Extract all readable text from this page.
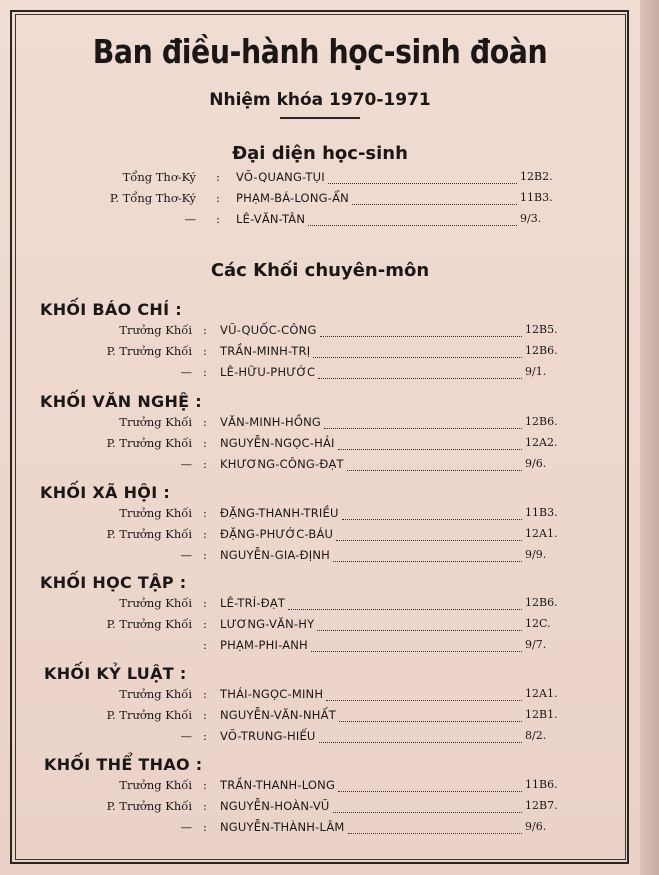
Ban điều-hành học-sinh đoàn
Nhiệm khóa 1970-1971
Đại diện học-sinh
Các Khối chuyên-môn
Tổng Thơ-Ký : VÕ-QUANG-TỤI	12B2.
P. Tổng Thơ-Ký : PHẠM-BÁ-LONG-ẨN	11B3.
— : LÊ-VĂN-TÂN	9/3.
KHỐI BÁO CHÍ :
Trưởng Khối : VŨ-QUỐC-CÔNG	12B5.
P. Trưởng Khối : TRẦN-MINH-TRỊ	12B6.
— : LÊ-HỮU-PHƯỚC	9/1.
KHỐI VĂN NGHỆ :
Trưởng Khối : VĂN-MINH-HỒNG	12B6.
P. Trưởng Khối : NGUYỄN-NGỌC-HẢI	12A2.
— : KHƯƠNG-CÔNG-ĐẠT	9/6.
KHỐI XÃ HỘI :
Trưởng Khối : ĐẶNG-THANH-TRIỀU	11B3.
P. Trưởng Khối : ĐẶNG-PHƯỚC-BÁU	12A1.
— : NGUYỄN-GIA-ĐỊNH	9/9.
KHỐI HỌC TẬP :
Trưởng Khối : LÊ-TRÍ-ĐẠT	12B6.
P. Trưởng Khối : LƯƠNG-VĂN-HY	12C.
: PHẠM-PHI-ANH	9/7.
KHỐI KỶ LUẬT :
Trưởng Khối : THÁI-NGỌC-MINH	12A1.
P. Trưởng Khối : NGUYỄN-VĂN-NHẤT	12B1.
— : VÕ-TRUNG-HIẾU	8/2.
KHỐI THỂ THAO :
Trưởng Khối : TRẦN-THANH-LONG	11B6.
P. Trưởng Khối : NGUYỄN-HOÀN-VŨ	12B7.
— : NGUYỄN-THÀNH-LÂM	9/6.
